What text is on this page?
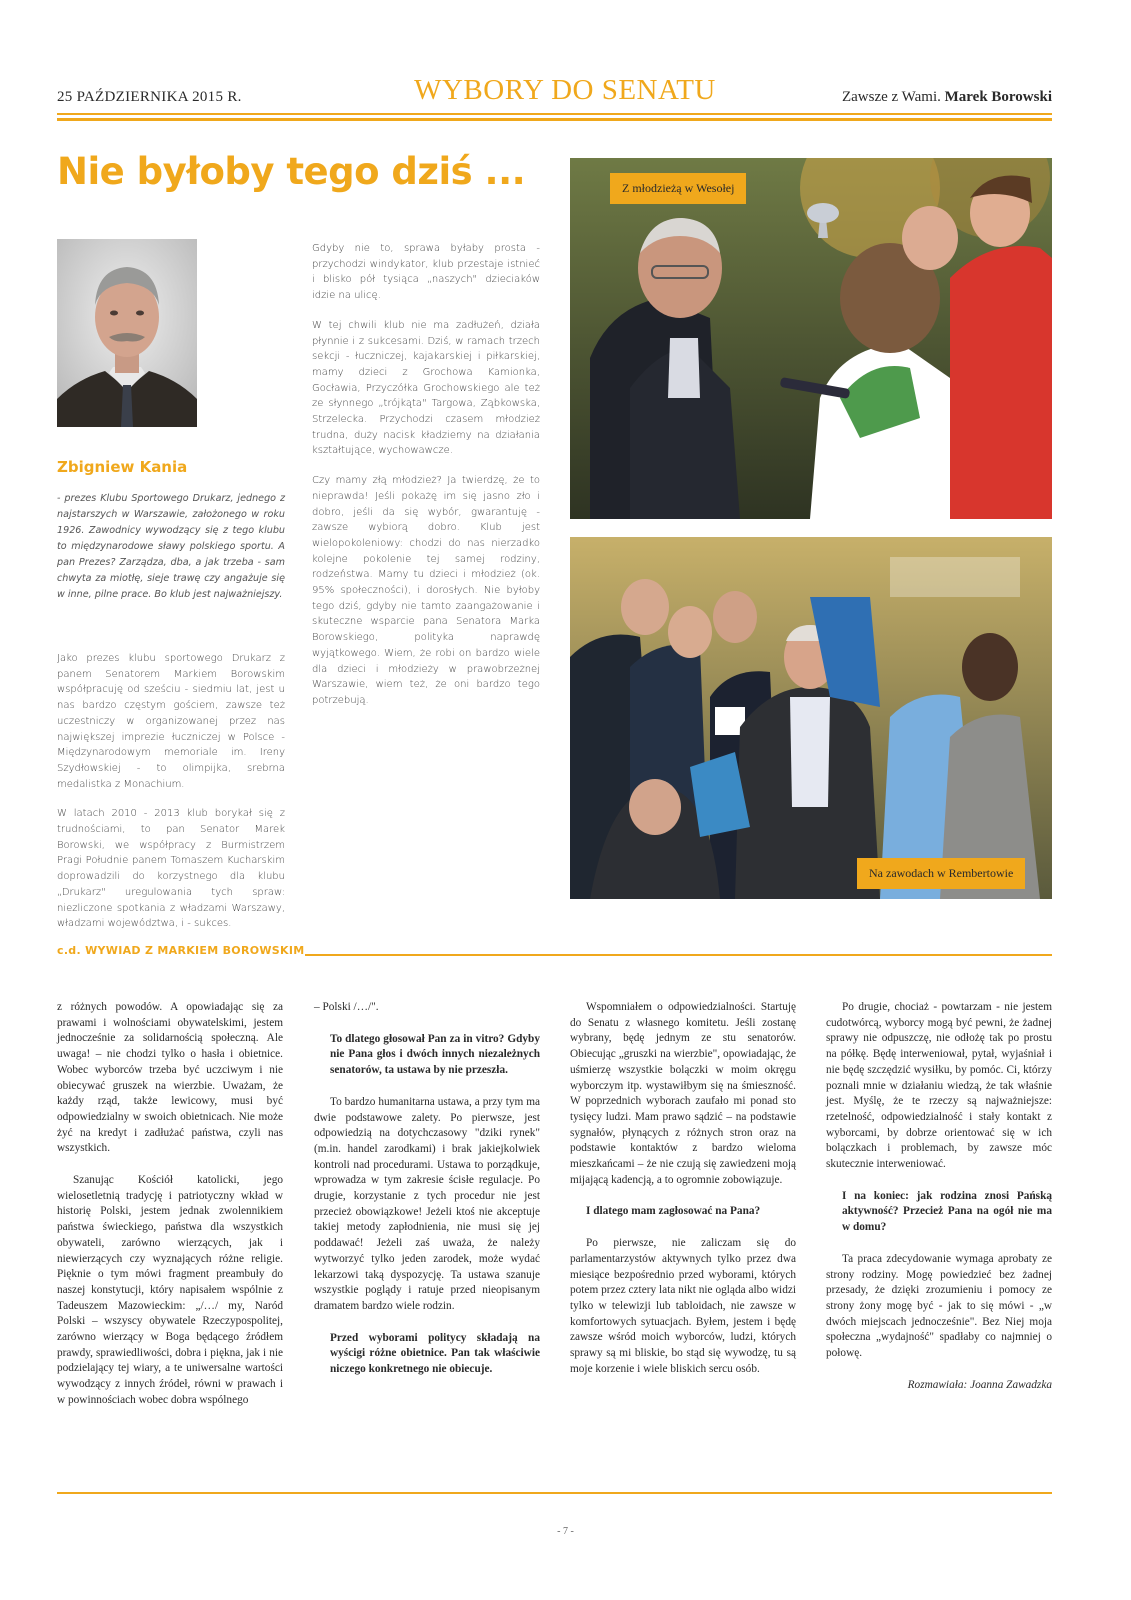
25 PAŹDZIERNIKA 2015 R.	WYBORY DO SENATU	Zawsze z Wami. Marek Borowski
Nie byłoby tego dziś ...
Zbigniew Kania
- prezes Klubu Sportowego Drukarz, jednego z najstarszych w Warszawie, założonego w roku 1926. Zawodnicy wywodzący się z tego klubu to międzynarodowe sławy polskiego sportu. A pan Prezes? Zarządza, dba, a jak trzeba - sam chwyta za miotłę, sieje trawę czy angażuje się w inne, pilne prace. Bo klub jest najważniejszy.

Jako prezes klubu sportowego Drukarz z panem Senatorem Markiem Borowskim współpracuję od sześciu - siedmiu lat, jest u nas bardzo częstym gościem, zawsze też uczestniczy w organizowanej przez nas największej imprezie łuczniczej w Polsce - Międzynarodowym memoriale im. Ireny Szydłowskiej - to olimpijka, srebrna medalistka z Monachium.

W latach 2010 - 2013 klub borykał się z trudnościami, to pan Senator Marek Borowski, we współpracy z Burmistrzem Pragi Południe panem Tomaszem Kucharskim doprowadzili do korzystnego dla klubu „Drukarz" uregulowania tych spraw: niezliczone spotkania z władzami Warszawy, władzami województwa, i - sukces.

Gdyby nie to, sprawa byłaby prosta - przychodzi windykator, klub przestaje istnieć i blisko pół tysiąca „naszych" dzieciaków idzie na ulicę.

W tej chwili klub nie ma zadłużeń, działa płynnie i z sukcesami. Dziś, w ramach trzech sekcji - łuczniczej, kajakarskiej i piłkarskiej, mamy dzieci z Grochowa Kamionka, Gocławia, Przyczółka Grochowskiego ale też ze słynnego „trójkąta" Targowa, Ząbkowska, Strzelecka. Przychodzi czasem młodzież trudna, duży nacisk kładziemy na działania kształtujące, wychowawcze.

Czy mamy złą młodzież? Ja twierdzę, że to nieprawda! Jeśli pokażę im się jasno zło i dobro, jeśli da się wybór, gwarantuję - zawsze wybiorą dobro. Klub jest wielopokoleniowy: chodzi do nas nierzadko kolejne pokolenie tej samej rodziny, rodzeństwa. Mamy tu dzieci i młodzież (ok. 95% społeczności), i dorosłych. Nie byłoby tego dziś, gdyby nie tamto zaangażowanie i skuteczne wsparcie pana Senatora Marka Borowskiego, polityka naprawdę wyjątkowego. Wiem, że robi on bardzo wiele dla dzieci i młodzieży w prawobrzeżnej Warszawie, wiem też, że oni bardzo tego potrzebują.

Z młodzieżą w Wesołej
Na zawodach w Rembertowie
c.d. WYWIAD Z MARKIEM BOROWSKIM

z różnych powodów. A opowiadając się za prawami i wolnościami obywatelskimi, jestem jednocześnie za solidarnością społeczną. Ale uwaga! – nie chodzi tylko o hasła i obietnice. Wobec wyborców trzeba być uczciwym i nie obiecywać gruszek na wierzbie. Uważam, że każdy rząd, także lewicowy, musi być odpowiedzialny w swoich obietnicach. Nie może żyć na kredyt i zadłużać państwa, czyli nas wszystkich.

Szanując Kościół katolicki, jego wielosetletnią tradycję i patriotyczny wkład w historię Polski, jestem jednak zwolennikiem państwa świeckiego, państwa dla wszystkich obywateli, zarówno wierzących, jak i niewierzących czy wyznających różne religie. Pięknie o tym mówi fragment preambuły do naszej konstytucji, który napisałem wspólnie z Tadeuszem Mazowieckim: „/…/ my, Naród Polski – wszyscy obywatele Rzeczypospolitej, zarówno wierzący w Boga będącego źródłem prawdy, sprawiedliwości, dobra i piękna, jak i nie podzielający tej wiary, a te uniwersalne wartości wywodzący z innych źródeł, równi w prawach i w powinnościach wobec dobra wspólnego

– Polski /…/".

To dlatego głosował Pan za in vitro? Gdyby nie Pana głos i dwóch innych niezależnych senatorów, ta ustawa by nie przeszła.

To bardzo humanitarna ustawa, a przy tym ma dwie podstawowe zalety. Po pierwsze, jest odpowiedzią na dotychczasowy "dziki rynek" (m.in. handel zarodkami) i brak jakiejkolwiek kontroli nad procedurami. Ustawa to porządkuje, wprowadza w tym zakresie ścisłe regulacje. Po drugie, korzystanie z tych procedur nie jest przecież obowiązkowe! Jeżeli ktoś nie akceptuje takiej metody zapłodnienia, nie musi się jej poddawać! Jeżeli zaś uważa, że należy wytworzyć tylko jeden zarodek, może wydać lekarzowi taką dyspozycję. Ta ustawa szanuje wszystkie poglądy i ratuje przed nieopisanym dramatem bardzo wiele rodzin.

Przed wyborami politycy składają na wyścigi różne obietnice. Pan tak właściwie niczego konkretnego nie obiecuje.

Wspomniałem o odpowiedzialności. Startuję do Senatu z własnego komitetu. Jeśli zostanę wybrany, będę jednym ze stu senatorów. Obiecując „gruszki na wierzbie", opowiadając, że uśmierzę wszystkie bolączki w moim okręgu wyborczym itp. wystawiłbym się na śmieszność. W poprzednich wyborach zaufało mi ponad sto tysięcy ludzi. Mam prawo sądzić – na podstawie sygnałów, płynących z różnych stron oraz na podstawie kontaktów z bardzo wieloma mieszkańcami – że nie czują się zawiedzeni moją mijającą kadencją, a to ogromnie zobowiązuje.

I dlatego mam zagłosować na Pana?

Po pierwsze, nie zaliczam się do parlamentarzystów aktywnych tylko przez dwa miesiące bezpośrednio przed wyborami, których potem przez cztery lata nikt nie ogląda albo widzi tylko w telewizji lub tabloidach, nie zawsze w komfortowych sytuacjach. Byłem, jestem i będę zawsze wśród moich wyborców, ludzi, których sprawy są mi bliskie, bo stąd się wywodzę, tu są moje korzenie i wiele bliskich sercu osób.

Po drugie, chociaż - powtarzam - nie jestem cudotwórcą, wyborcy mogą być pewni, że żadnej sprawy nie odpuszczę, nie odłożę tak po prostu na półkę. Będę interweniował, pytał, wyjaśniał i nie będę szczędzić wysiłku, by pomóc. Ci, którzy poznali mnie w działaniu wiedzą, że tak właśnie jest. Myślę, że te rzeczy są najważniejsze: rzetelność, odpowiedzialność i stały kontakt z wyborcami, by dobrze orientować się w ich bolączkach i problemach, by zawsze móc skutecznie interweniować.

I na koniec: jak rodzina znosi Pańską aktywność? Przecież Pana na ogół nie ma w domu?

Ta praca zdecydowanie wymaga aprobaty ze strony rodziny. Mogę powiedzieć bez żadnej przesady, że dzięki zrozumieniu i pomocy ze strony żony mogę być - jak to się mówi - „w dwóch miejscach jednocześnie". Bez Niej moja społeczna „wydajność" spadłaby co najmniej o połowę.

Rozmawiała: Joanna Zawadzka

- 7 -
